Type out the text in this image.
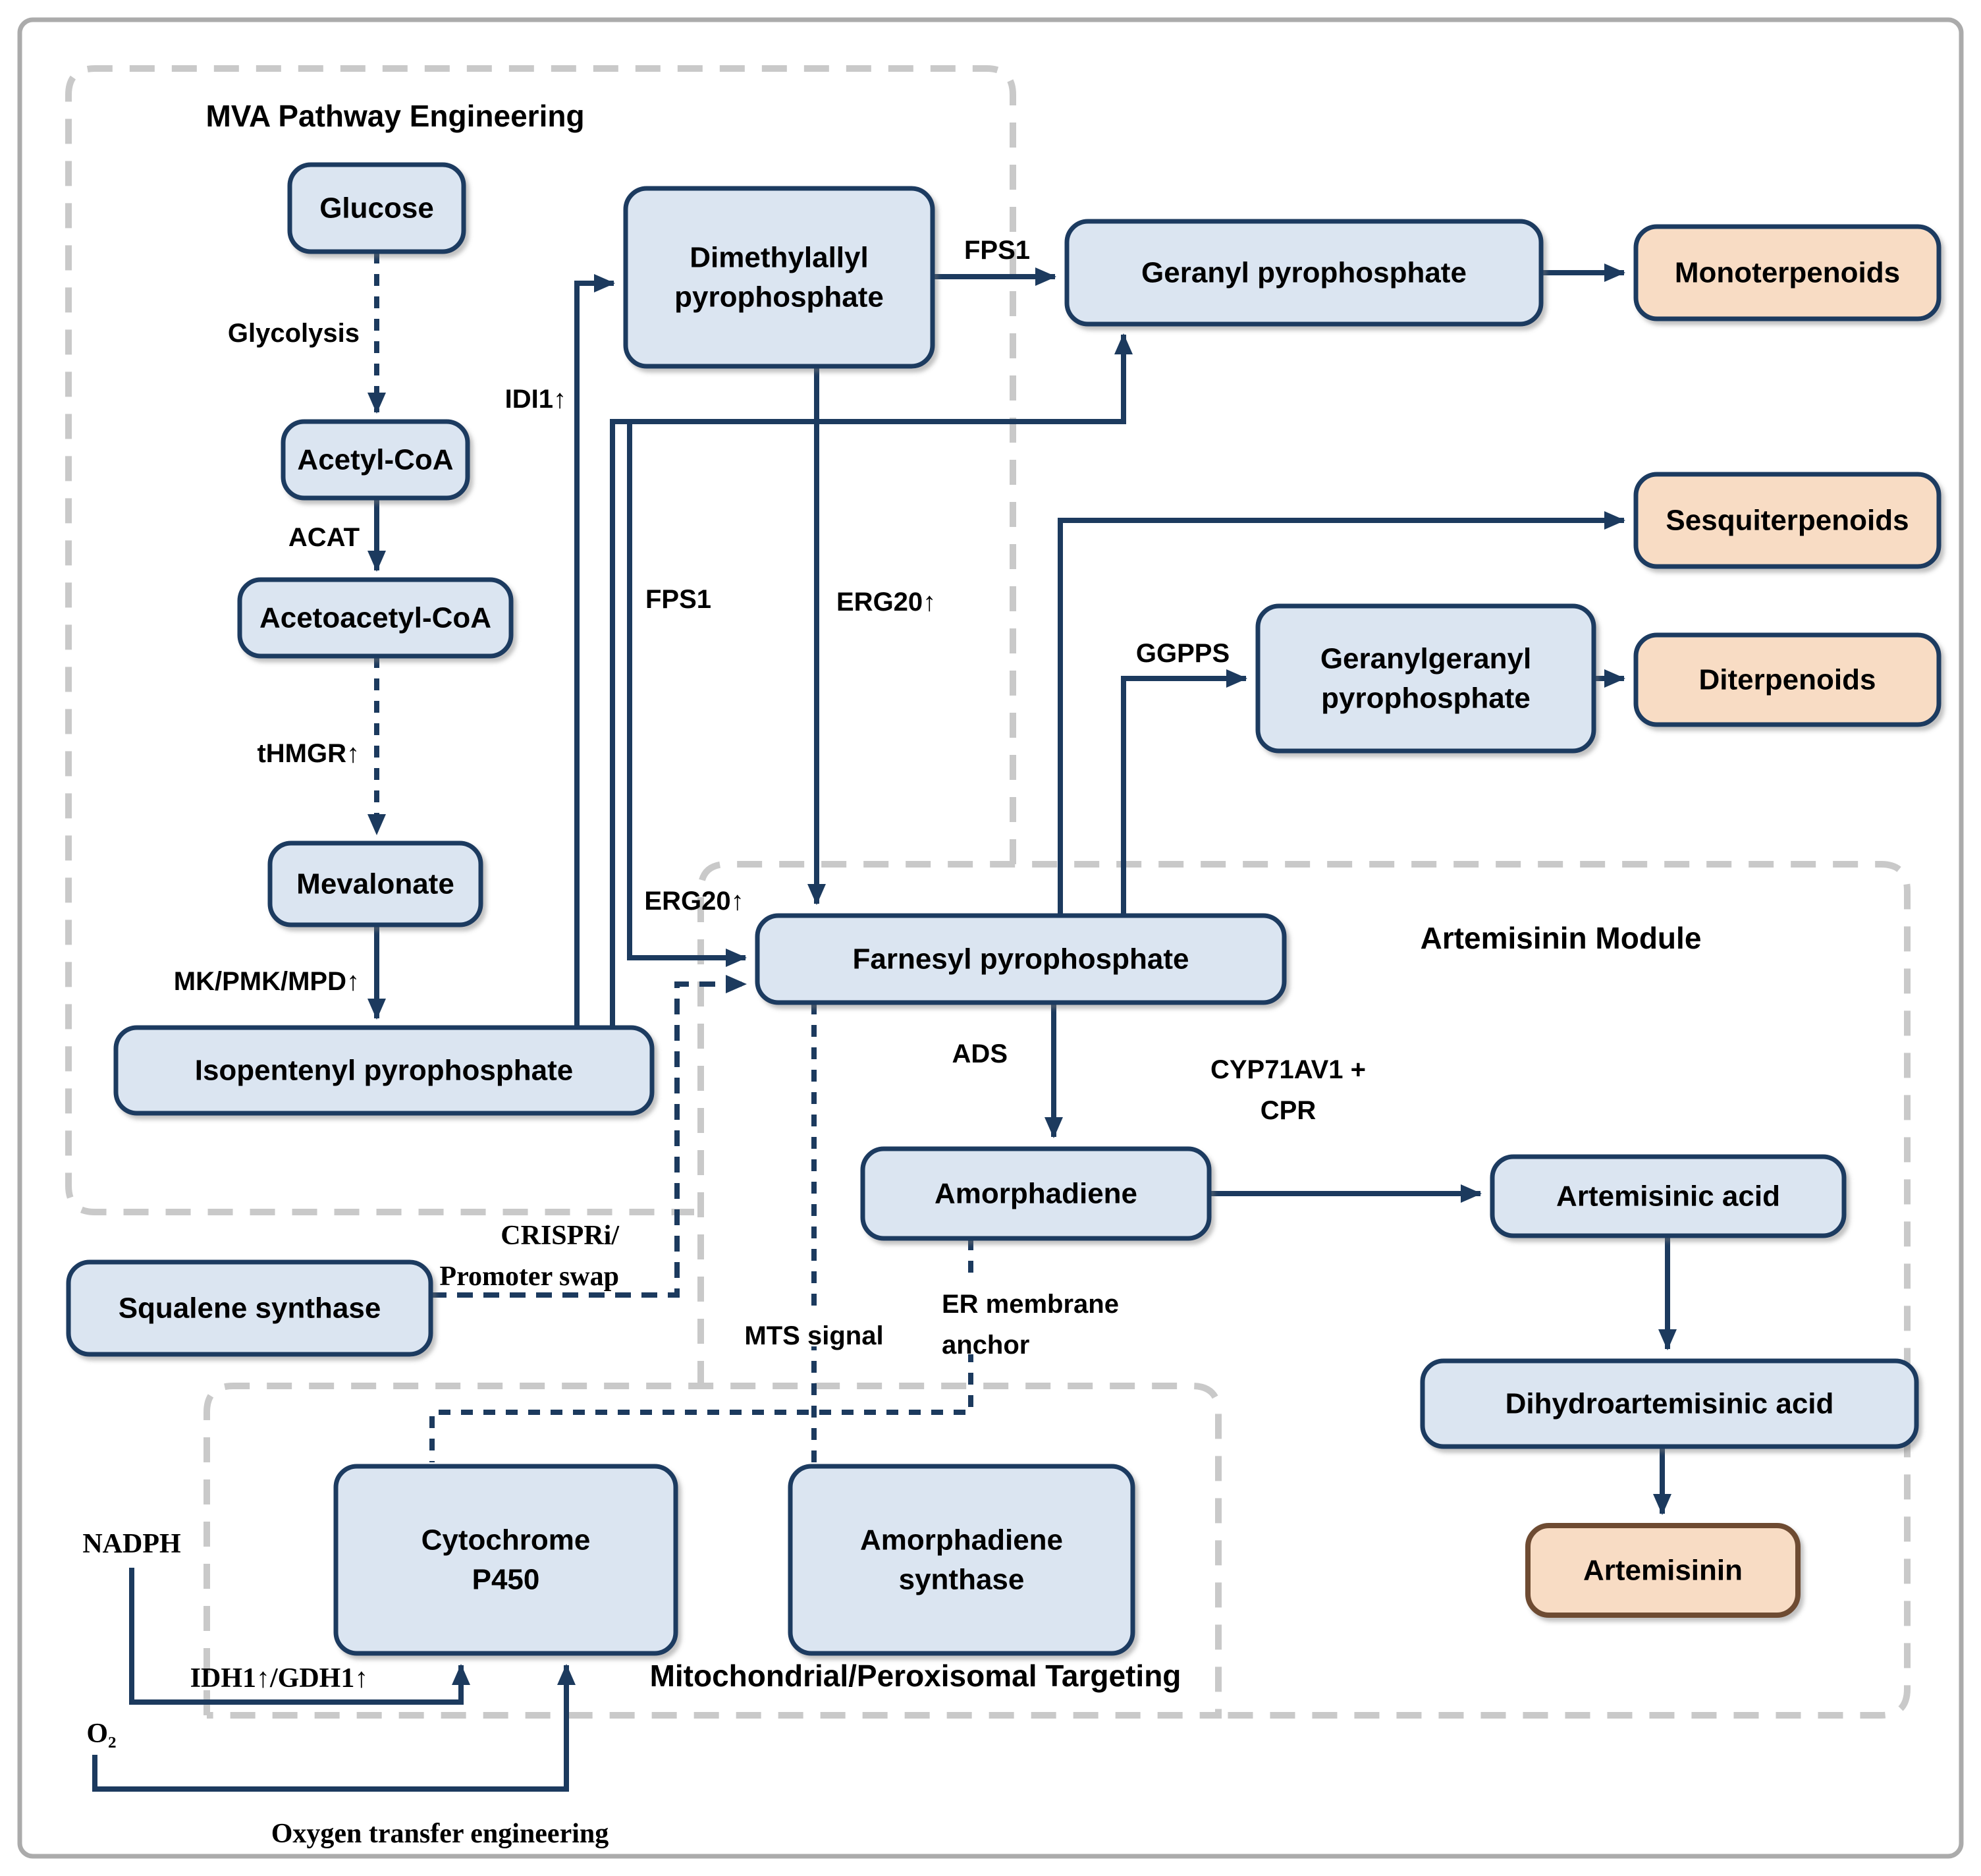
Glucose
Acetyl-CoA
Acetoacetyl-CoA
Mevalonate
Isopentenyl pyrophosphate
Dimethylallyl pyrophosphate
Geranyl pyrophosphate	Monoterpenoids
Sesquiterpenoids
Geranylgeranyl pyrophosphate
Diterpenoids
Farnesyl pyrophosphate
Amorphadiene	Artemisinic acid
Dihydroartemisinic acid
Artemisinin
Squalene synthase
Cytochrome P450
Amorphadiene synthase
MVA Pathway Engineering
Glycolysis
ACAT
tHMGR↑
MK/PMK/MPD↑
IDI1↑
FPS1
FPS1	ERG20↑
ERG20↑
GGPPS
ADS
CYP71AV1 + CPR
Artemisinin Module
CRISPRi/ Promoter swap
MTS signal
ER membrane anchor
Mitochondrial/Peroxisomal Targeting
NADPH
O₂
IDH1↑/GDH1↑
Oxygen transfer engineering
